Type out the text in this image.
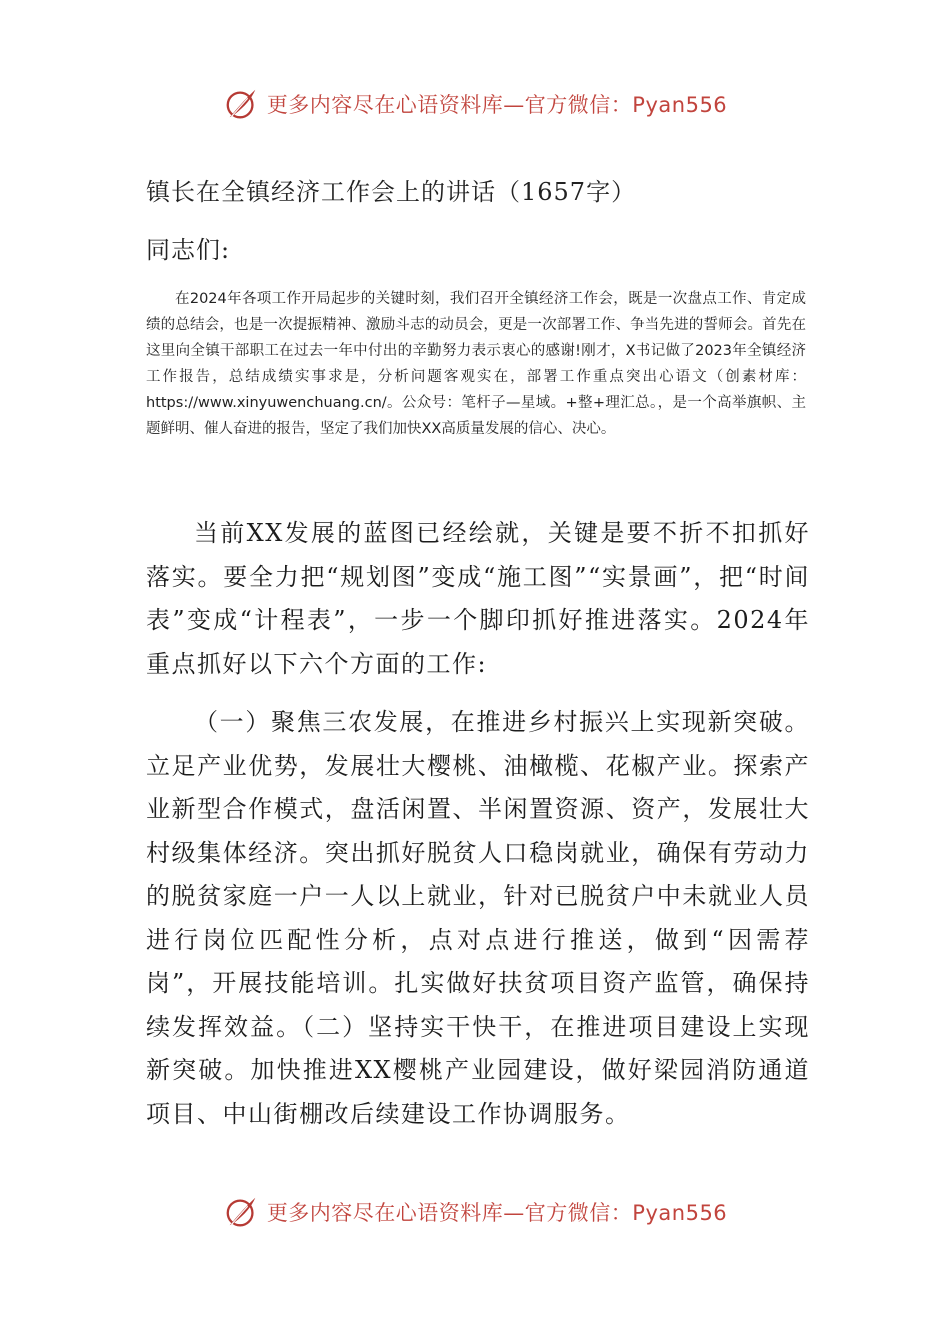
更多内容尽在心语资料库—官方微信：Pyan556
镇长在全镇经济工作会上的讲话（1657字）
同志们:

在2024年各项工作开局起步的关键时刻，我们召开全镇经济工作会，既是一次盘点工作、肯定成绩的总结会，也是一次提振精神、激励斗志的动员会，更是一次部署工作、争当先进的誓师会。首先在这里向全镇干部职工在过去一年中付出的辛勤努力表示衷心的感谢!刚才，X书记做了2023年全镇经济工作报告，总结成绩实事求是，分析问题客观实在，部署工作重点突出心语文（创素材库：https://www.xinyuwenchuang.cn/。公众号：笔杆子—星域。+整+理汇总。，是一个高举旗帜、主题鲜明、催人奋进的报告，坚定了我们加快XX高质量发展的信心、决心。

当前XX发展的蓝图已经绘就，关键是要不折不扣抓好落实。要全力把“规划图”变成“施工图”“实景画”，把“时间表”变成“计程表”，一步一个脚印抓好推进落实。2024年重点抓好以下六个方面的工作:

（一）聚焦三农发展，在推进乡村振兴上实现新突破。立足产业优势，发展壮大樱桃、油橄榄、花椒产业。探索产业新型合作模式，盘活闲置、半闲置资源、资产，发展壮大村级集体经济。突出抓好脱贫人口稳岗就业，确保有劳动力的脱贫家庭一户一人以上就业，针对已脱贫户中未就业人员进行岗位匹配性分析，点对点进行推送，做到“因需荐岗”，开展技能培训。扎实做好扶贫项目资产监管，确保持续发挥效益。（二）坚持实干快干，在推进项目建设上实现新突破。加快推进XX樱桃产业园建设，做好梁园消防通道项目、中山街棚改后续建设工作协调服务。

更多内容尽在心语资料库—官方微信：Pyan556
